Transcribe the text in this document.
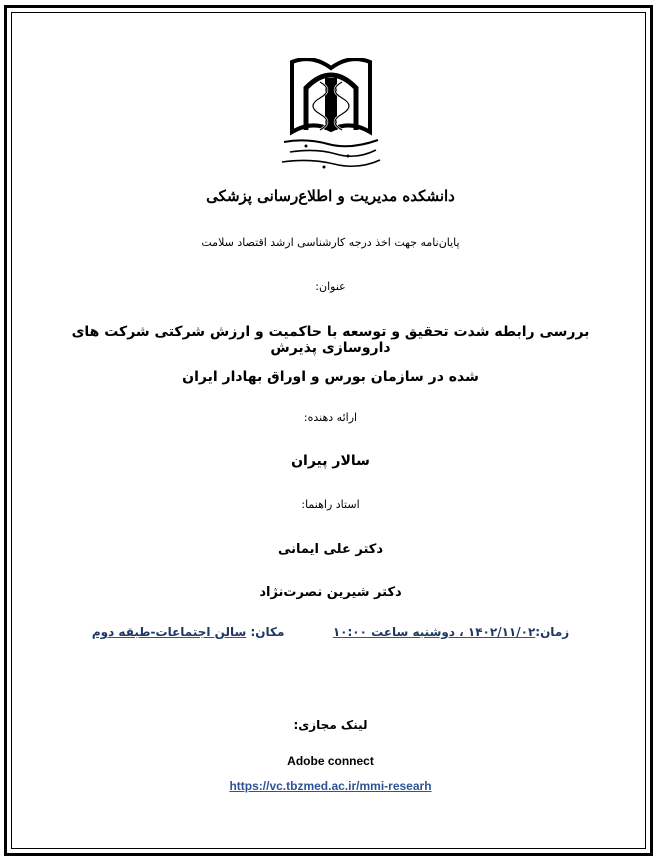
دانشکده مدیریت و اطلاع‌رسانی پزشکی
پایان‌نامه جهت اخذ درجه کارشناسی ارشد اقتصاد سلامت
عنوان:
بررسی رابطه شدت تحقیق و توسعه با حاکمیت و ارزش شرکتی شرکت های داروسازی پذیرش
شده در سازمان بورس و اوراق بهادار ایران
ارائه دهنده:
سالار پیران
استاد راهنما:
دکتر علی ایمانی
دکتر شیرین نصرت‌نژاد
زمان:۱۴۰۲/۱۱/۰۲ ، دوشنبه ساعت ۱۰:۰۰  مکان: سالن اجتماعات-طبقه دوم
لینک مجازی:
Adobe connect
https://vc.tbzmed.ac.ir/mmi-researh
